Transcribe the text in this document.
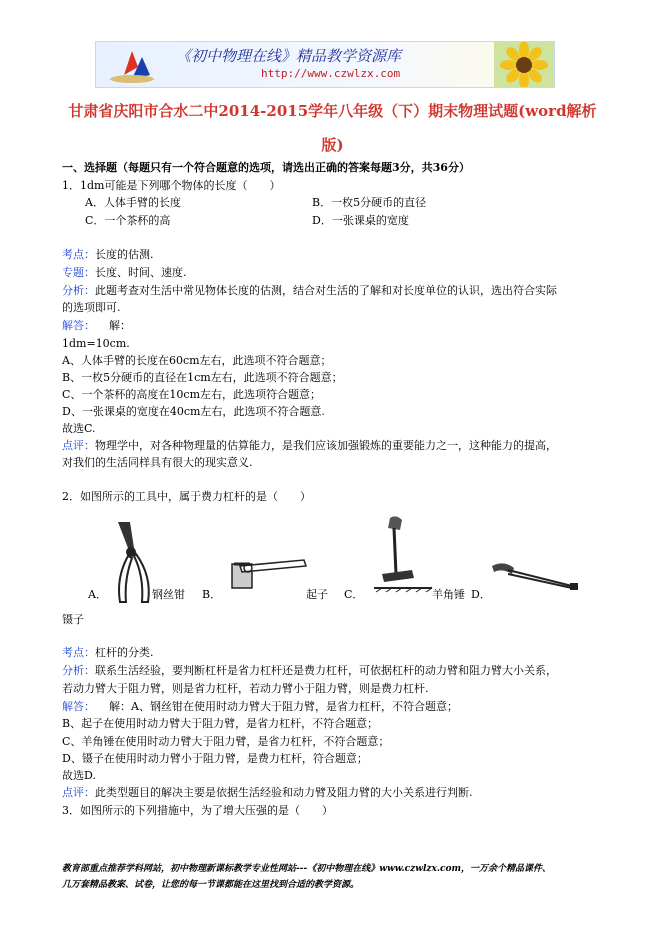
《初中物理在线》精品教学资源库
http://www.czwlzx.com
甘肃省庆阳市合水二中2014-2015学年八年级（下）期末物理试题(word解析版)
一、选择题（每题只有一个符合题意的选项，请选出正确的答案每题3分，共36分）
1．1dm可能是下列哪个物体的长度（　　）
A．人体手臂的长度	B．一枚5分硬币的直径
C．一个茶杯的高	D．一张课桌的宽度
考点：长度的估测.
专题：长度、时间、速度.
分析：此题考查对生活中常见物体长度的估测，结合对生活的了解和对长度单位的认识，选出符合实际
的选项即可.
解答： 解：
1dm=10cm.
A、人体手臂的长度在60cm左右，此选项不符合题意；
B、一枚5分硬币的直径在1cm左右，此选项不符合题意；
C、一个茶杯的高度在10cm左右，此选项符合题意；
D、一张课桌的宽度在40cm左右，此选项不符合题意.
故选C.
点评：物理学中，对各种物理量的估算能力，是我们应该加强锻炼的重要能力之一，这种能力的提高，
对我们的生活同样具有很大的现实意义.
2．如图所示的工具中，属于费力杠杆的是（　　）
A．	钢丝钳 B．	起子 C．	羊角锤 D．
镊子
考点：杠杆的分类.
分析：联系生活经验，要判断杠杆是省力杠杆还是费力杠杆，可依据杠杆的动力臂和阻力臂大小关系，
若动力臂大于阻力臂，则是省力杠杆，若动力臂小于阻力臂，则是费力杠杆.
解答： 解：A、钢丝钳在使用时动力臂大于阻力臂，是省力杠杆，不符合题意；
B、起子在使用时动力臂大于阻力臂，是省力杠杆，不符合题意；
C、羊角锤在使用时动力臂大于阻力臂，是省力杠杆，不符合题意；
D、镊子在使用时动力臂小于阻力臂，是费力杠杆，符合题意；
故选D.
点评：此类型题目的解决主要是依据生活经验和动力臂及阻力臂的大小关系进行判断.
3．如图所示的下列措施中，为了增大压强的是（　　）
教育部重点推荐学科网站，初中物理新课标教学专业性网站---《初中物理在线》www.czwlzx.com，一万余个精品课件、
几万套精品教案、试卷，让您的每一节课都能在这里找到合适的教学资源。
